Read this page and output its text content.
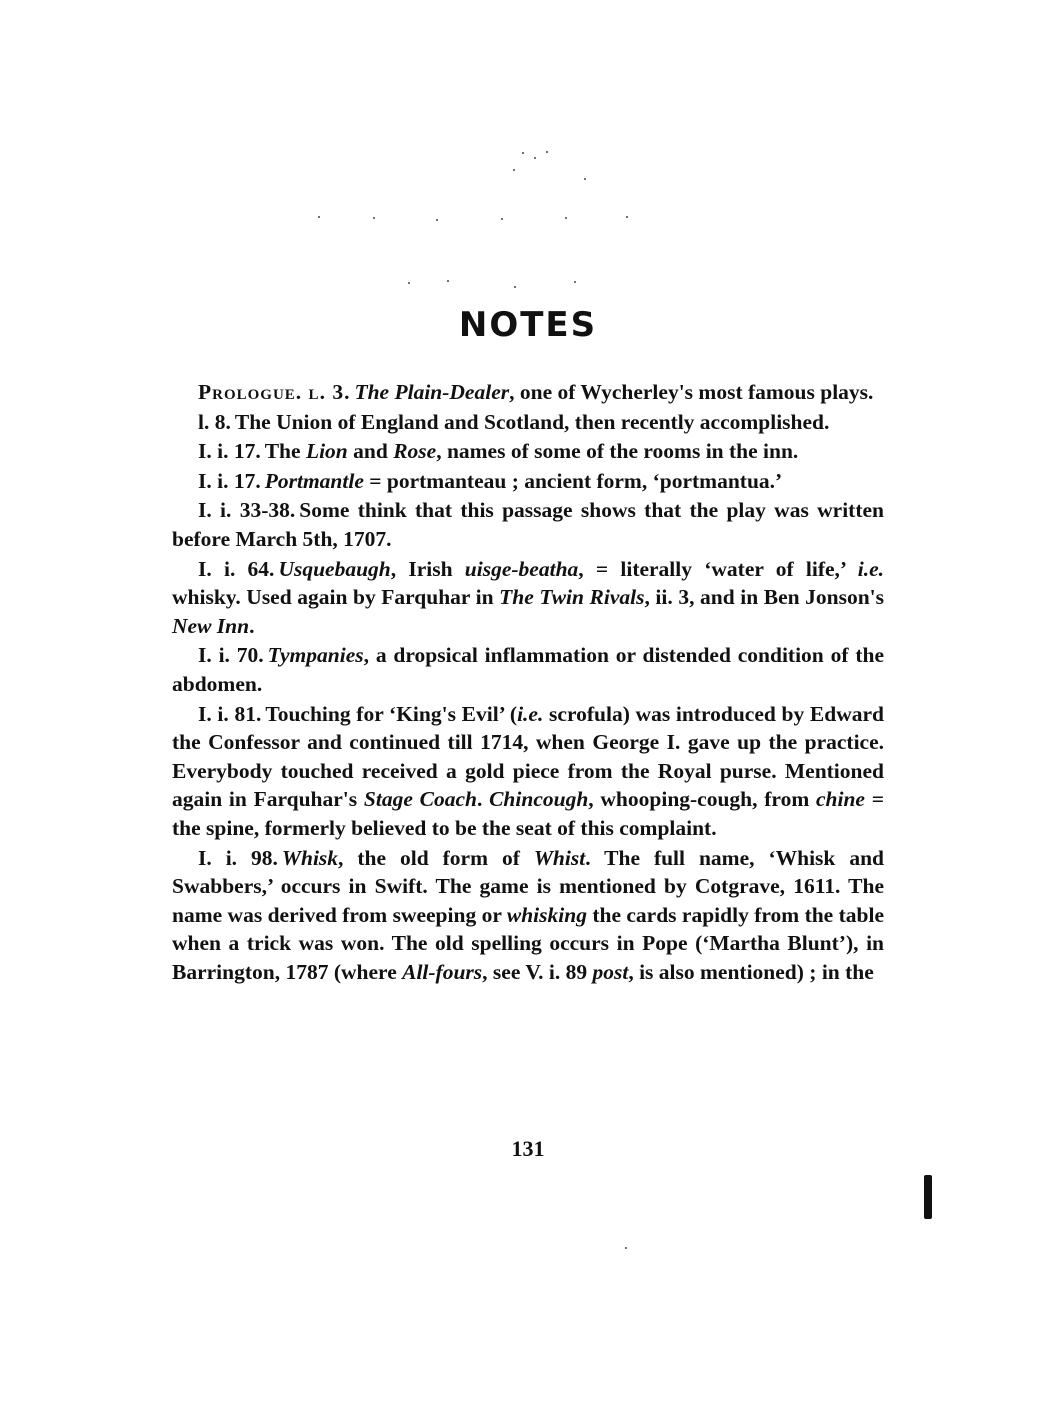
NOTES

Prologue. l. 3. The Plain-Dealer, one of Wycherley's most famous plays.

l. 8. The Union of England and Scotland, then recently accomplished.

I. i. 17. The Lion and Rose, names of some of the rooms in the inn.

I. i. 17. Portmantle = portmanteau ; ancient form, ‘portmantua.’

I. i. 33-38. Some think that this passage shows that the play was written before March 5th, 1707.

I. i. 64. Usquebaugh, Irish uisge-beatha, = literally ‘water of life,’ i.e. whisky. Used again by Farquhar in The Twin Rivals, ii. 3, and in Ben Jonson's New Inn.

I. i. 70. Tympanies, a dropsical inflammation or distended condition of the abdomen.

I. i. 81. Touching for ‘King's Evil’ (i.e. scrofula) was introduced by Edward the Confessor and continued till 1714, when George I. gave up the practice. Everybody touched received a gold piece from the Royal purse. Mentioned again in Farquhar's Stage Coach. Chincough, whooping-cough, from chine = the spine, formerly believed to be the seat of this complaint.

I. i. 98. Whisk, the old form of Whist. The full name, ‘Whisk and Swabbers,’ occurs in Swift. The game is mentioned by Cotgrave, 1611. The name was derived from sweeping or whisking the cards rapidly from the table when a trick was won. The old spelling occurs in Pope (‘Martha Blunt’), in Barrington, 1787 (where All-fours, see V. i. 89 post, is also mentioned) ; in the

131
